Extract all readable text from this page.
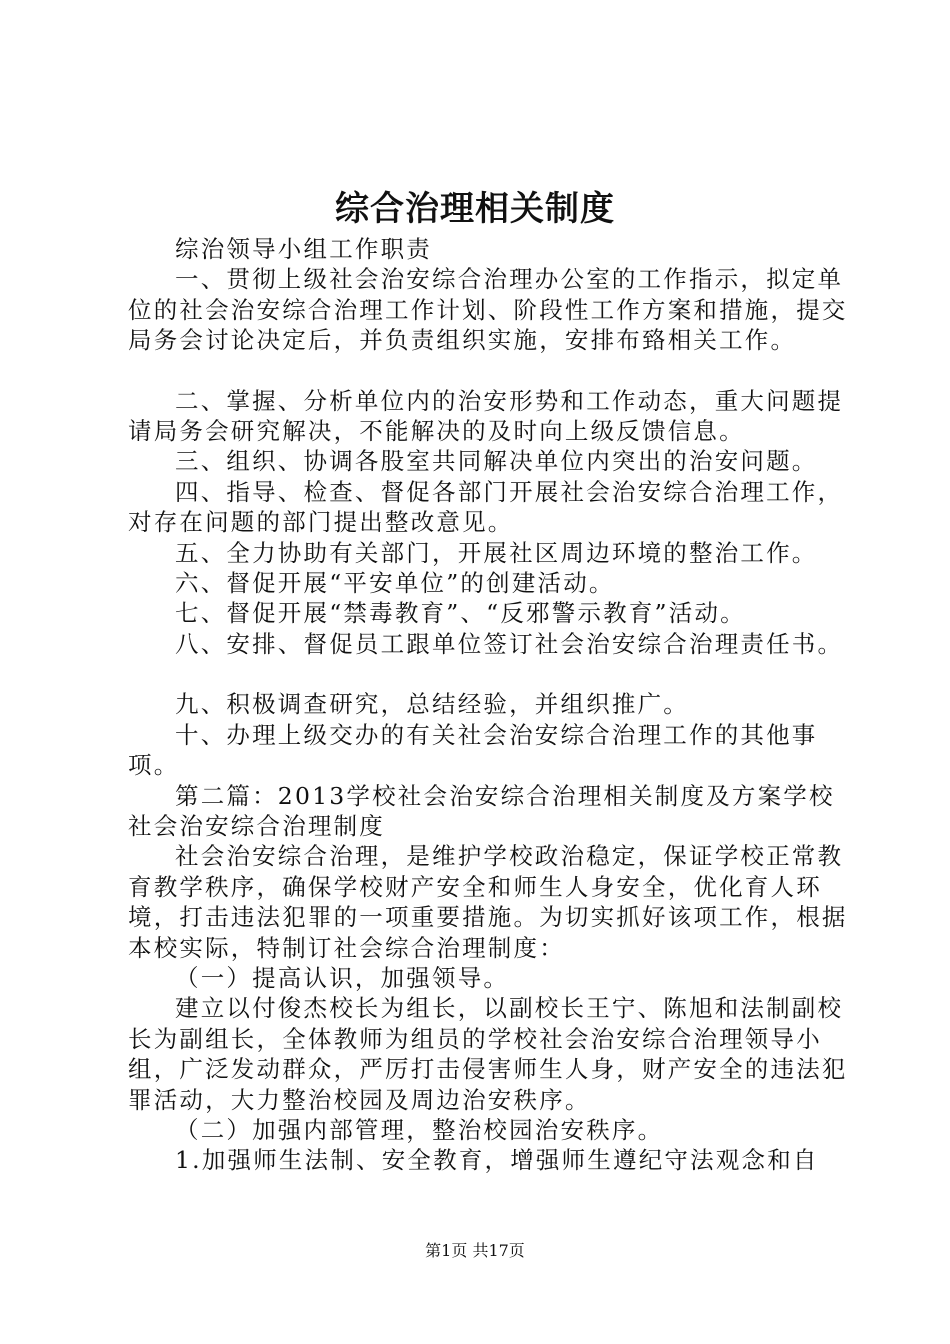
综合治理相关制度

综治领导小组工作职责

一、贯彻上级社会治安综合治理办公室的工作指示，拟定单位的社会治安综合治理工作计划、阶段性工作方案和措施，提交局务会讨论决定后，并负责组织实施，安排布臵相关工作。

二、掌握、分析单位内的治安形势和工作动态，重大问题提请局务会研究解决，不能解决的及时向上级反馈信息。

三、组织、协调各股室共同解决单位内突出的治安问题。

四、指导、检查、督促各部门开展社会治安综合治理工作，对存在问题的部门提出整改意见。

五、全力协助有关部门，开展社区周边环境的整治工作。

六、督促开展“平安单位”的创建活动。

七、督促开展“禁毒教育”、“反邪警示教育”活动。

八、安排、督促员工跟单位签订社会治安综合治理责任书。

九、积极调查研究，总结经验，并组织推广。

十、办理上级交办的有关社会治安综合治理工作的其他事项。

第二篇：2013学校社会治安综合治理相关制度及方案学校社会治安综合治理制度

社会治安综合治理，是维护学校政治稳定，保证学校正常教育教学秩序，确保学校财产安全和师生人身安全，优化育人环境，打击违法犯罪的一项重要措施。为切实抓好该项工作，根据本校实际，特制订社会综合治理制度：

（一）提高认识，加强领导。

建立以付俊杰校长为组长，以副校长王宁、陈旭和法制副校长为副组长，全体教师为组员的学校社会治安综合治理领导小组，广泛发动群众，严厉打击侵害师生人身，财产安全的违法犯罪活动，大力整治校园及周边治安秩序。

（二）加强内部管理，整治校园治安秩序。

1.加强师生法制、安全教育，增强师生遵纪守法观念和自

第1页 共17页
